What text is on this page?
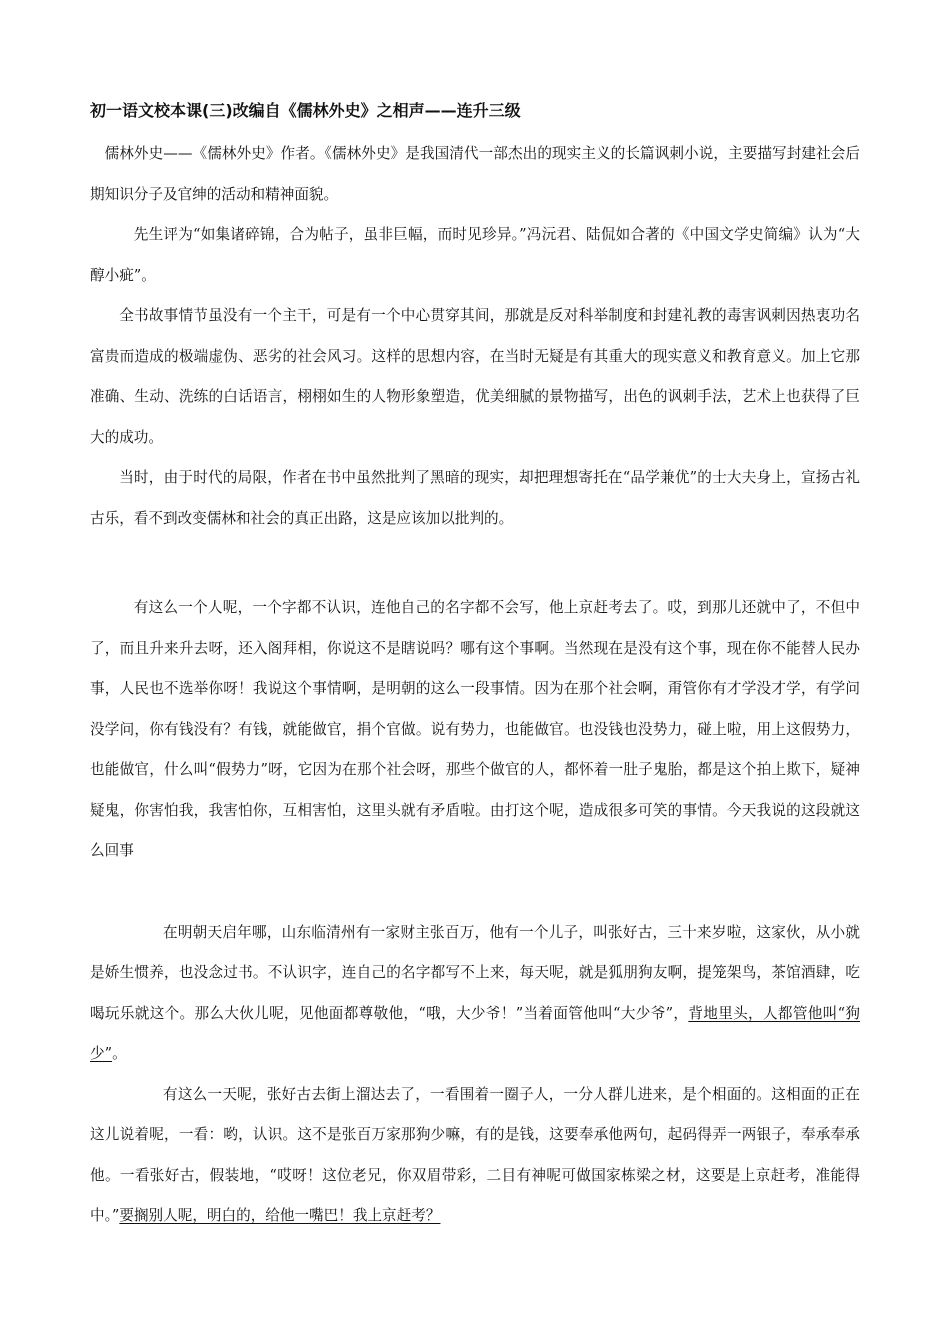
初一语文校本课(三)改编自《儒林外史》之相声——连升三级

儒林外史——《儒林外史》作者。《儒林外史》是我国清代一部杰出的现实主义的长篇讽刺小说，主要描写封建社会后期知识分子及官绅的活动和精神面貌。

先生评为“如集诸碎锦，合为帖子，虽非巨幅，而时见珍异。”冯沅君、陆侃如合著的《中国文学史简编》认为“大醇小疵”。

全书故事情节虽没有一个主干，可是有一个中心贯穿其间，那就是反对科举制度和封建礼教的毒害讽刺因热衷功名富贵而造成的极端虚伪、恶劣的社会风习。这样的思想内容，在当时无疑是有其重大的现实意义和教育意义。加上它那准确、生动、洗练的白话语言，栩栩如生的人物形象塑造，优美细腻的景物描写，出色的讽刺手法，艺术上也获得了巨大的成功。

当时，由于时代的局限，作者在书中虽然批判了黑暗的现实，却把理想寄托在“品学兼优”的士大夫身上，宣扬古礼古乐，看不到改变儒林和社会的真正出路，这是应该加以批判的。

有这么一个人呢，一个字都不认识，连他自己的名字都不会写，他上京赶考去了。哎，到那儿还就中了，不但中了，而且升来升去呀，还入阁拜相，你说这不是瞎说吗？哪有这个事啊。当然现在是没有这个事，现在你不能替人民办事，人民也不选举你呀！我说这个事情啊，是明朝的这么一段事情。因为在那个社会啊，甭管你有才学没才学，有学问没学问，你有钱没有？有钱，就能做官，捐个官做。说有势力，也能做官。也没钱也没势力，碰上啦，用上这假势力，也能做官，什么叫“假势力”呀，它因为在那个社会呀，那些个做官的人，都怀着一肚子鬼胎，都是这个拍上欺下，疑神疑鬼，你害怕我，我害怕你，互相害怕，这里头就有矛盾啦。由打这个呢，造成很多可笑的事情。今天我说的这段就这么回事

在明朝天启年哪，山东临清州有一家财主张百万，他有一个儿子，叫张好古，三十来岁啦，这家伙，从小就是娇生惯养，也没念过书。不认识字，连自己的名字都写不上来，每天呢，就是狐朋狗友啊，提笼架鸟，茶馆酒肆，吃喝玩乐就这个。那么大伙儿呢，见他面都尊敬他，“哦，大少爷！”当着面管他叫“大少爷”，背地里头，人都管他叫“狗少”。

有这么一天呢，张好古去街上溜达去了，一看围着一圈子人，一分人群儿进来，是个相面的。这相面的正在这儿说着呢，一看：哟，认识。这不是张百万家那狗少嘛，有的是钱，这要奉承他两句，起码得弄一两银子，奉承奉承他。一看张好古，假装地，“哎呀！这位老兄，你双眉带彩，二目有神呢可做国家栋梁之材，这要是上京赶考，准能得中。”要搁别人呢，明白的，给他一嘴巴！我上京赶考？
